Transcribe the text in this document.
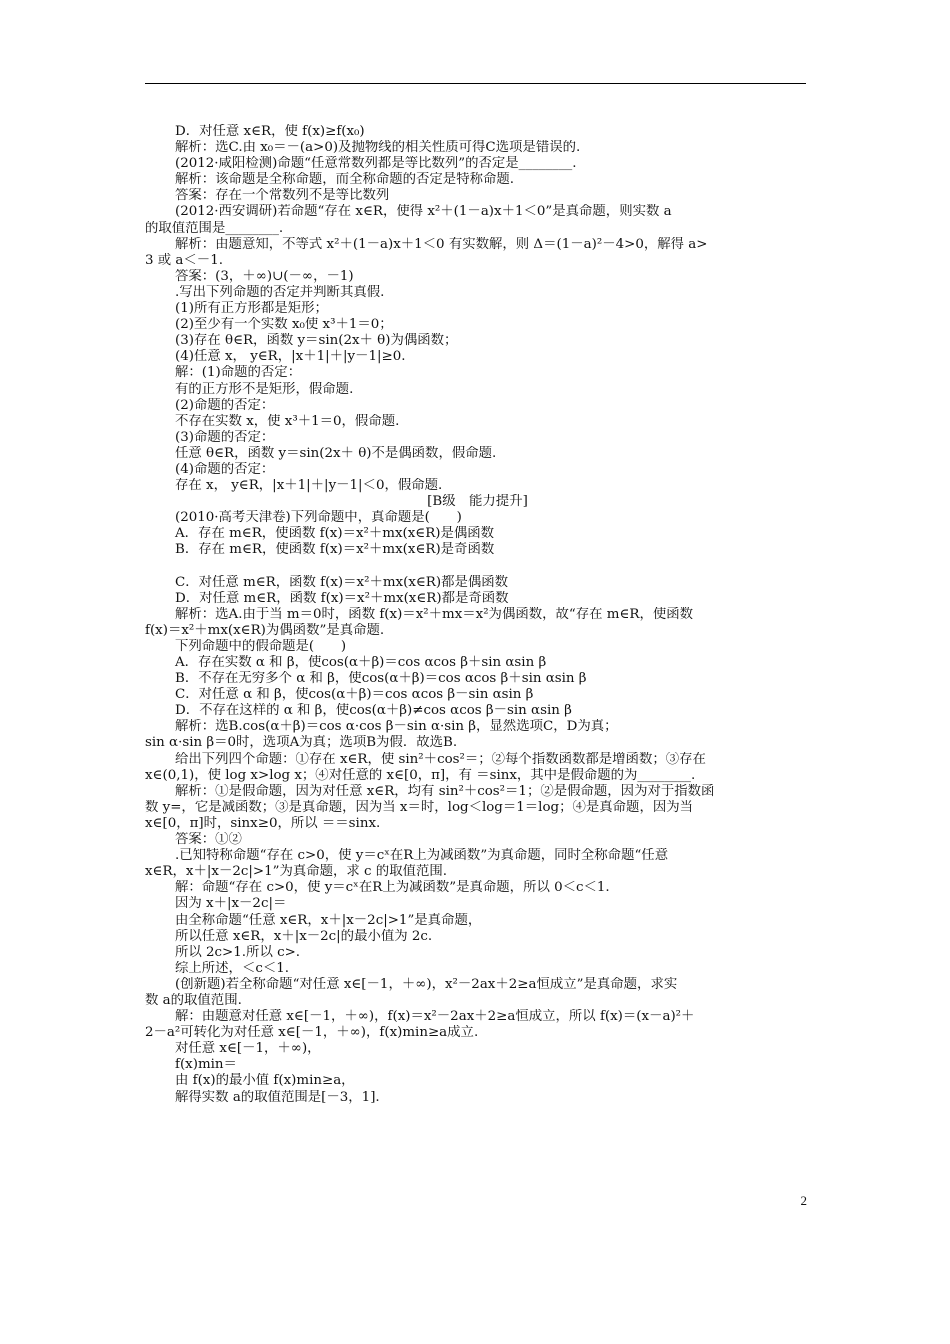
D．对任意 x∈R，使 f(x)≥f(x₀)
解析：选C.由 x₀＝－(a>0)及抛物线的相关性质可得C选项是错误的.
(2012·咸阳检测)命题“任意常数列都是等比数列”的否定是________.
解析：该命题是全称命题，而全称命题的否定是特称命题.
答案：存在一个常数列不是等比数列
(2012·西安调研)若命题“存在 x∈R，使得 x²＋(1－a)x＋1＜0”是真命题，则实数 a
的取值范围是________.
解析：由题意知，不等式 x²＋(1－a)x＋1＜0 有实数解，则 Δ＝(1－a)²－4>0，解得 a>
3 或 a＜－1.
答案：(3，＋∞)∪(－∞，－1)
.写出下列命题的否定并判断其真假.
(1)所有正方形都是矩形；
(2)至少有一个实数 x₀使 x³＋1＝0；
(3)存在 θ∈R，函数 y＝sin(2x＋ θ)为偶函数；
(4)任意 x， y∈R，|x＋1|＋|y－1|≥0.
解：(1)命题的否定：
有的正方形不是矩形，假命题.
(2)命题的否定：
不存在实数 x，使 x³＋1＝0，假命题.
(3)命题的否定：
任意 θ∈R，函数 y＝sin(2x＋ θ)不是偶函数，假命题.
(4)命题的否定：
存在 x， y∈R，|x＋1|＋|y－1|＜0，假命题.
[B级　能力提升]
(2010·高考天津卷)下列命题中，真命题是(　　)
A．存在 m∈R，使函数 f(x)＝x²＋mx(x∈R)是偶函数
B．存在 m∈R，使函数 f(x)＝x²＋mx(x∈R)是奇函数
C．对任意 m∈R，函数 f(x)＝x²＋mx(x∈R)都是偶函数
D．对任意 m∈R，函数 f(x)＝x²＋mx(x∈R)都是奇函数
解析：选A.由于当 m＝0时，函数 f(x)＝x²＋mx＝x²为偶函数，故“存在 m∈R，使函数
f(x)＝x²＋mx(x∈R)为偶函数”是真命题.
下列命题中的假命题是(　　)
A．存在实数 α 和 β，使cos(α＋β)＝cos αcos β＋sin αsin β
B．不存在无穷多个 α 和 β，使cos(α＋β)＝cos αcos β＋sin αsin β
C．对任意 α 和 β，使cos(α＋β)＝cos αcos β－sin αsin β
D．不存在这样的 α 和 β，使cos(α＋β)≠cos αcos β－sin αsin β
解析：选B.cos(α＋β)＝cos α·cos β－sin α·sin β，显然选项C，D为真；
sin α·sin β＝0时，选项A为真；选项B为假．故选B.
给出下列四个命题：①存在 x∈R，使 sin²＋cos²＝；②每个指数函数都是增函数；③存在
x∈(0,1)，使 log x>log x；④对任意的 x∈[0，π]，有 ＝sinx，其中是假命题的为________.
解析：①是假命题，因为对任意 x∈R，均有 sin²＋cos²＝1；②是假命题，因为对于指数函
数 y=，它是减函数；③是真命题，因为当 x＝时，log＜log＝1＝log；④是真命题，因为当
x∈[0，π]时，sinx≥0，所以 ＝＝sinx.
答案：①②
.已知特称命题“存在 c>0，使 y＝cˣ在R上为减函数”为真命题，同时全称命题“任意
x∈R，x＋|x－2c|>1”为真命题，求 c 的取值范围.
解：命题“存在 c>0，使 y＝cˣ在R上为减函数”是真命题，所以 0＜c＜1.
因为 x＋|x－2c|＝
由全称命题“任意 x∈R，x＋|x－2c|>1”是真命题，
所以任意 x∈R，x＋|x－2c|的最小值为 2c.
所以 2c>1.所以 c>.
综上所述，＜c＜1.
(创新题)若全称命题“对任意 x∈[－1，＋∞)，x²－2ax＋2≥a恒成立”是真命题，求实
数 a的取值范围.
解：由题意对任意 x∈[－1，＋∞)，f(x)＝x²－2ax＋2≥a恒成立，所以 f(x)＝(x－a)²＋
2－a²可转化为对任意 x∈[－1，＋∞)，f(x)min≥a成立.
对任意 x∈[－1，＋∞)，
f(x)min＝
由 f(x)的最小值 f(x)min≥a，
解得实数 a的取值范围是[－3，1].
2
